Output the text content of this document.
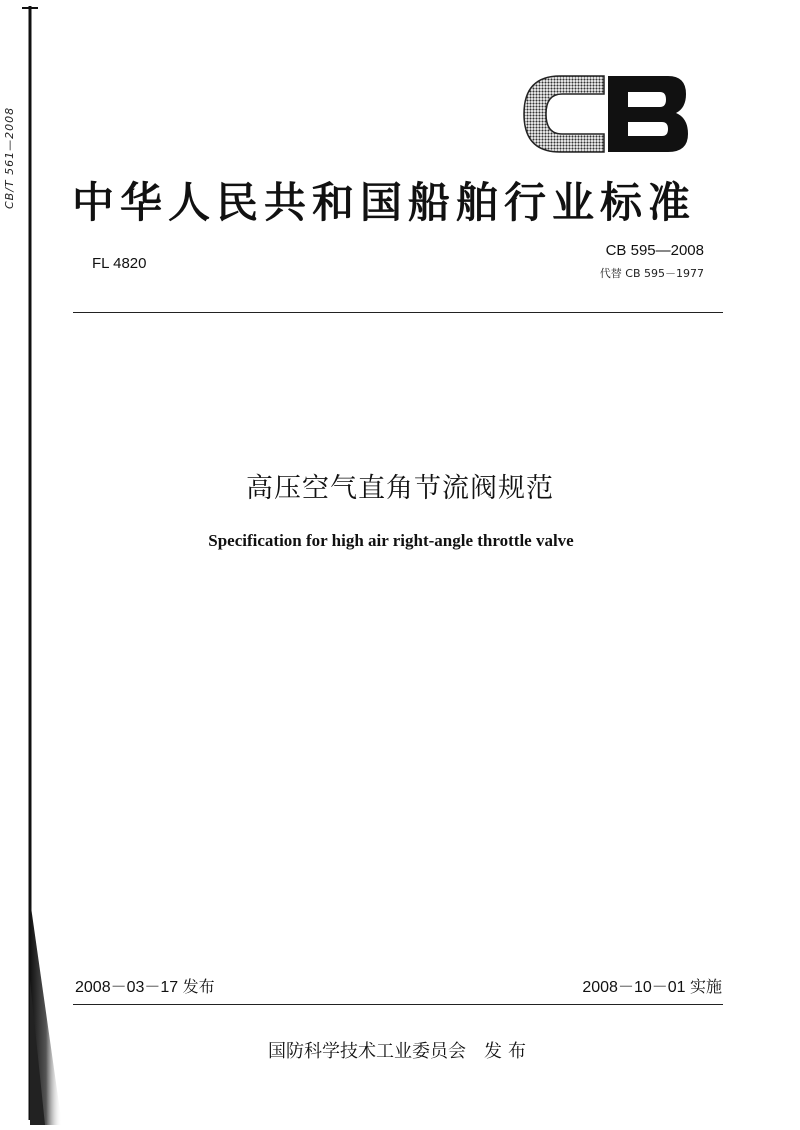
CB/T 561—2008 中华人民共和国船舶行业标准
FL 4820
CB 595—2008
代替 CB 595－1977
高压空气直角节流阀规范
Specification for high air right-angle throttle valve
2008－03－17 发布	2008－10－01 实施
国防科学技术工业委员会 发布
